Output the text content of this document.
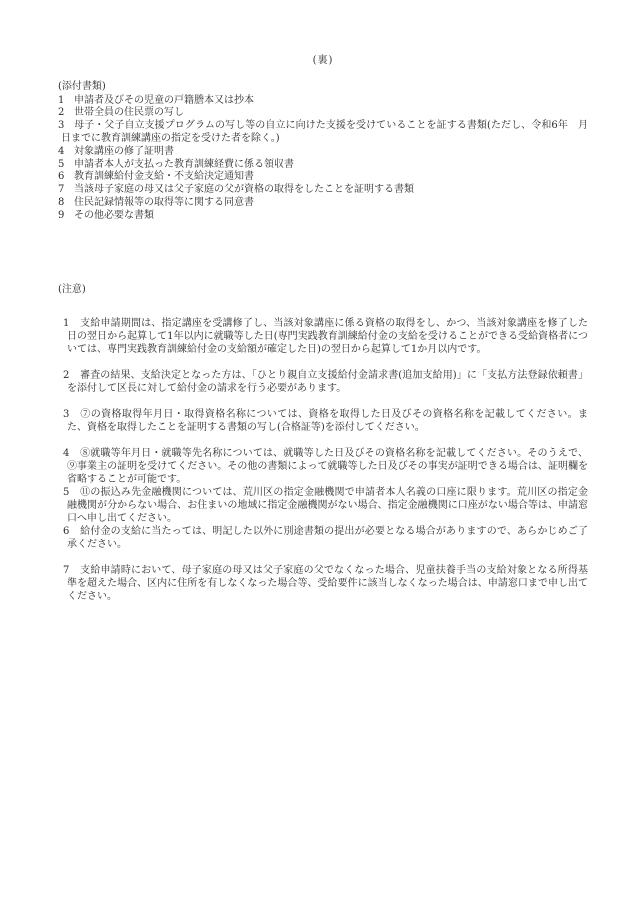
(裏)
(添付書類)
1 申請者及びその児童の戸籍謄本又は抄本
2 世帯全員の住民票の写し
3 母子・父子自立支援プログラムの写し等の自立に向けた支援を受けていることを証する書類(ただし、令和6年　月　日までに教育訓練講座の指定を受けた者を除く。)
4 対象講座の修了証明書
5 申請者本人が支払った教育訓練経費に係る領収書
6 教育訓練給付金支給・不支給決定通知書
7 当該母子家庭の母又は父子家庭の父が資格の取得をしたことを証明する書類
8 住民記録情報等の取得等に関する同意書
9 その他必要な書類
(注意)
1 支給申請期間は、指定講座を受講修了し、当該対象講座に係る資格の取得をし、かつ、当該対象講座を修了した日の翌日から起算して1年以内に就職等した日(専門実践教育訓練給付金の支給を受けることができる受給資格者については、専門実践教育訓練給付金の支給額が確定した日)の翌日から起算して1か月以内です。
2 審査の結果、支給決定となった方は、「ひとり親自立支援給付金請求書(追加支給用)」に「支払方法登録依頼書」を添付して区長に対して給付金の請求を行う必要があります。
3 ⑦の資格取得年月日・取得資格名称については、資格を取得した日及びその資格名称を記載してください。また、資格を取得したことを証明する書類の写し(合格証等)を添付してください。
4 ⑧就職等年月日・就職等先名称については、就職等した日及びその資格名称を記載してください。そのうえで、⑨事業主の証明を受けてください。その他の書類によって就職等した日及びその事実が証明できる場合は、証明欄を省略することが可能です。
5 ⑪の振込み先金融機関については、荒川区の指定金融機関で申請者本人名義の口座に限ります。荒川区の指定金融機関が分からない場合、お住まいの地域に指定金融機関がない場合、指定金融機関に口座がない場合等は、申請窓口へ申し出てください。
6 給付金の支給に当たっては、明記した以外に別途書類の提出が必要となる場合がありますので、あらかじめご了承ください。
7 支給申請時において、母子家庭の母又は父子家庭の父でなくなった場合、児童扶養手当の支給対象となる所得基準を超えた場合、区内に住所を有しなくなった場合等、受給要件に該当しなくなった場合は、申請窓口まで申し出てください。
